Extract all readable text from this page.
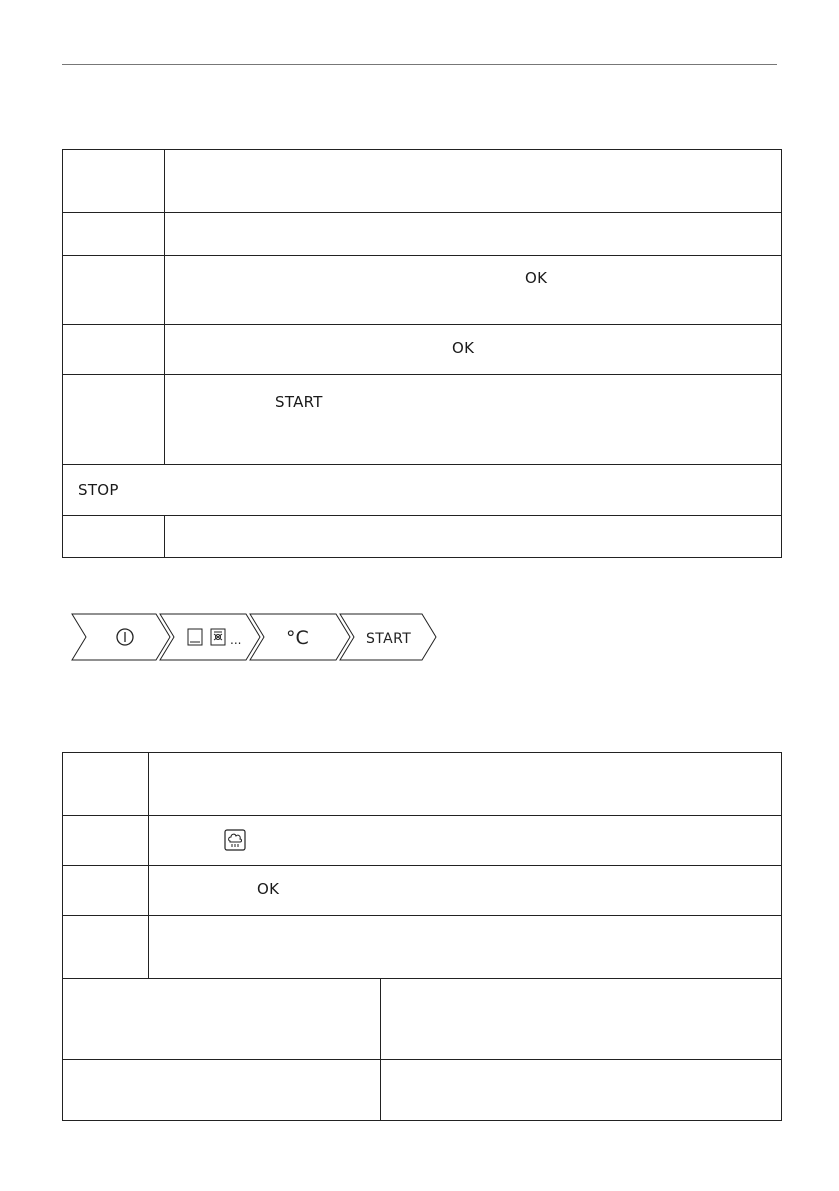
OK
OK
START
STOP
... °C	START
OK
